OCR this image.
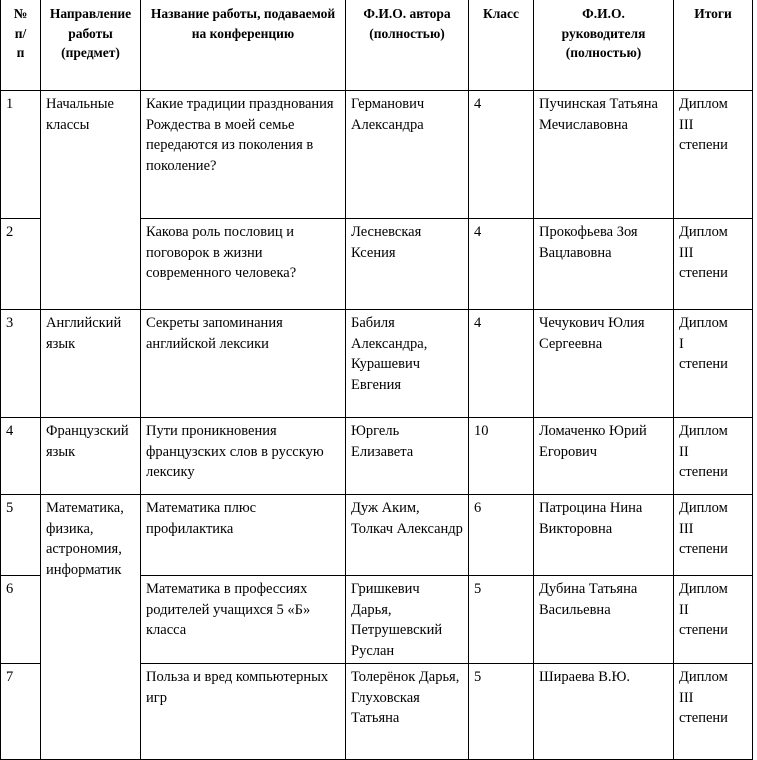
№
п/
п	Направление работы (предмет)	Название работы, подаваемой на конференцию	Ф.И.О. автора (полностью)	Класс	Ф.И.О. руководителя (полностью)	Итоги
1	Начальные классы	Какие традиции празднования Рождества в моей семье передаются из поколения в поколение?	Германович Александра	4	Пучинская Татьяна Мечиславовна	Диплом
III
степени

2		Какова роль пословиц и поговорок в жизни современного человека?	Лесневская Ксения	4	Прокофьева Зоя Вацлавовна	Диплом
III
степени

3	Английский язык	Секреты запоминания английской лексики	Бабиля Александра, Курашевич Евгения	4	Чечукович Юлия Сергеевна	Диплом
I
степени

4	Французский язык	Пути проникновения французских слов в русскую лексику	Юргель Елизавета	10	Ломаченко Юрий Егорович	Диплом
II
степени

5	Математика, физика, астрономия, информатик	Математика плюс профилактика	Дуж Аким, Толкач Александр	6	Патроцина Нина Викторовна	Диплом
III
степени

6		Математика в профессиях родителей учащихся 5 «Б» класса	Гришкевич Дарья, Петрушевский Руслан	5	Дубина Татьяна Васильевна	Диплом
II
степени

7		Польза и вред компьютерных игр	Толерёнок Дарья, Глуховская Татьяна	5	Шираева В.Ю.	Диплом
III
степени
